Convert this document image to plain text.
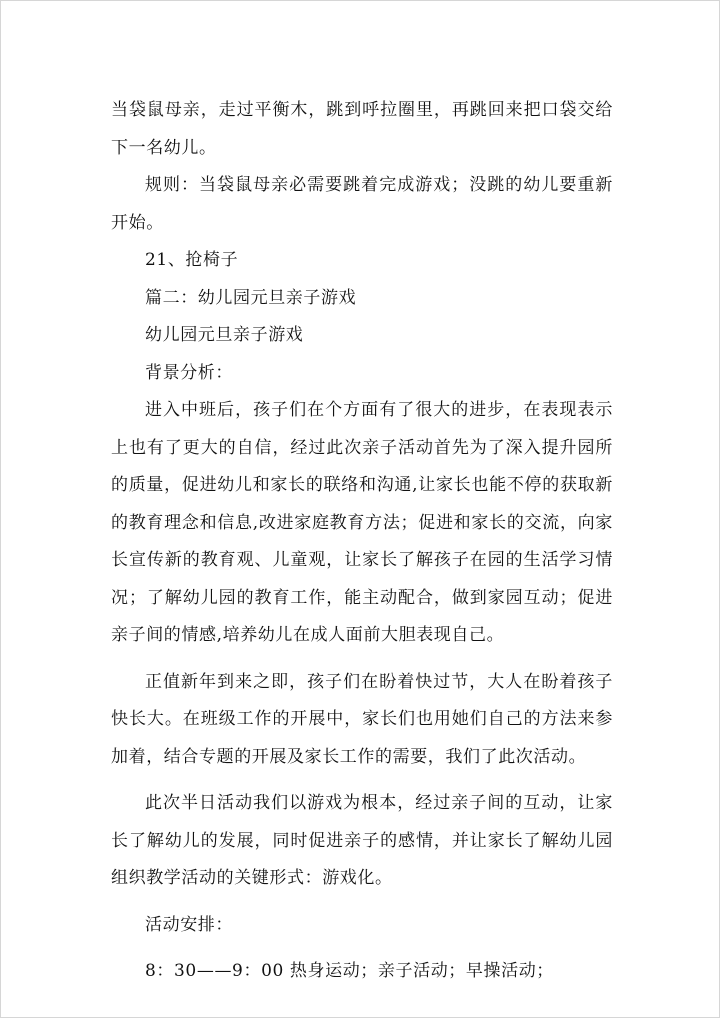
当袋鼠母亲，走过平衡木，跳到呼拉圈里，再跳回来把口袋交给下一名幼儿。

规则：当袋鼠母亲必需要跳着完成游戏；没跳的幼儿要重新开始。

21、抢椅子

篇二：幼儿园元旦亲子游戏

幼儿园元旦亲子游戏

背景分析：

进入中班后，孩子们在个方面有了很大的进步，在表现表示上也有了更大的自信，经过此次亲子活动首先为了深入提升园所的质量，促进幼儿和家长的联络和沟通,让家长也能不停的获取新的教育理念和信息,改进家庭教育方法；促进和家长的交流，向家长宣传新的教育观、儿童观，让家长了解孩子在园的生活学习情况；了解幼儿园的教育工作，能主动配合，做到家园互动；促进亲子间的情感,培养幼儿在成人面前大胆表现自己。

正值新年到来之即，孩子们在盼着快过节，大人在盼着孩子快长大。在班级工作的开展中，家长们也用她们自己的方法来参加着，结合专题的开展及家长工作的需要，我们了此次活动。

此次半日活动我们以游戏为根本，经过亲子间的互动，让家长了解幼儿的发展，同时促进亲子的感情，并让家长了解幼儿园组织教学活动的关键形式：游戏化。

活动安排：

8：30——9：00 热身运动；亲子活动；早操活动；
